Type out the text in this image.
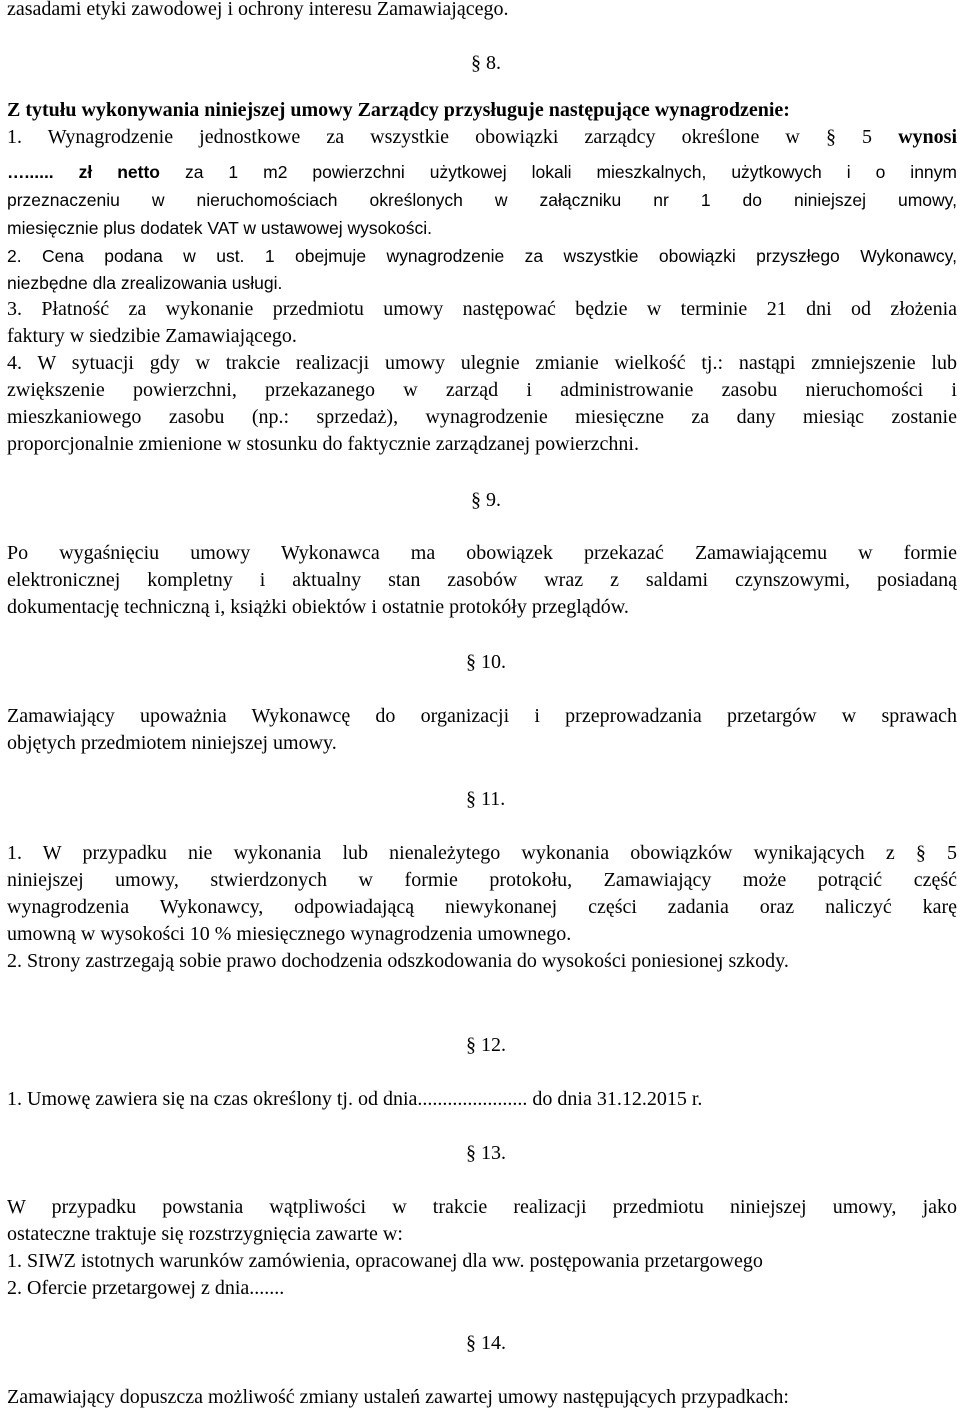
zasadami etyki zawodowej i ochrony interesu Zamawiającego.
§ 8.
Z tytułu wykonywania niniejszej umowy Zarządcy przysługuje następujące wynagrodzenie:
1. Wynagrodzenie jednostkowe za wszystkie obowiązki zarządcy określone w § 5 wynosi
…...... zł netto za 1 m2 powierzchni użytkowej lokali mieszkalnych, użytkowych i o innym
przeznaczeniu w nieruchomościach określonych w załączniku nr 1 do niniejszej umowy,
miesięcznie plus dodatek VAT w ustawowej wysokości.
2. Cena podana w ust. 1 obejmuje wynagrodzenie za wszystkie obowiązki przyszłego Wykonawcy,
niezbędne dla zrealizowania usługi.
3. Płatność za wykonanie przedmiotu umowy następować będzie w terminie 21 dni od złożenia
faktury w siedzibie Zamawiającego.
4. W sytuacji gdy w trakcie realizacji umowy ulegnie zmianie wielkość tj.: nastąpi zmniejszenie lub
zwiększenie powierzchni, przekazanego w zarząd i administrowanie zasobu nieruchomości i
mieszkaniowego zasobu (np.: sprzedaż), wynagrodzenie miesięczne za dany miesiąc zostanie
proporcjonalnie zmienione w stosunku do faktycznie zarządzanej powierzchni.
§ 9.
Po wygaśnięciu umowy Wykonawca ma obowiązek przekazać Zamawiającemu w formie
elektronicznej kompletny i aktualny stan zasobów wraz z saldami czynszowymi, posiadaną
dokumentację techniczną i, książki obiektów i ostatnie protokóły przeglądów.
§ 10.
Zamawiający upoważnia Wykonawcę do organizacji i przeprowadzania przetargów w sprawach
objętych przedmiotem niniejszej umowy.
§ 11.
1. W przypadku nie wykonania lub nienależytego wykonania obowiązków wynikających z § 5
niniejszej umowy, stwierdzonych w formie protokołu, Zamawiający może potrącić część
wynagrodzenia Wykonawcy, odpowiadającą niewykonanej części zadania oraz naliczyć karę
umowną w wysokości 10 % miesięcznego wynagrodzenia umownego.
2. Strony zastrzegają sobie prawo dochodzenia odszkodowania do wysokości poniesionej szkody.
§ 12.
1. Umowę zawiera się na czas określony tj. od dnia...................... do dnia 31.12.2015 r.
§ 13.
W przypadku powstania wątpliwości w trakcie realizacji przedmiotu niniejszej umowy, jako
ostateczne traktuje się rozstrzygnięcia zawarte w:
1. SIWZ istotnych warunków zamówienia, opracowanej dla ww. postępowania przetargowego
2. Ofercie przetargowej z dnia.......
§ 14.
Zamawiający dopuszcza możliwość zmiany ustaleń zawartej umowy następujących przypadkach:
